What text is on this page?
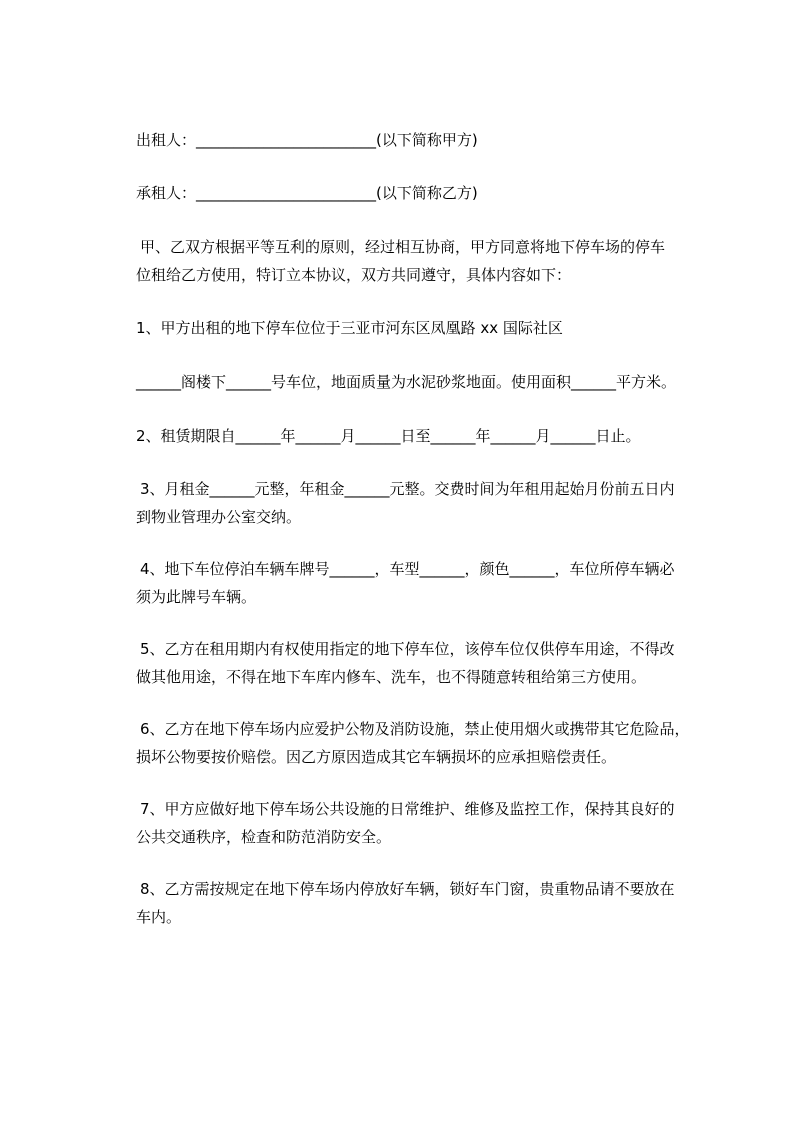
出租人：________________________(以下简称甲方)
承租人：________________________(以下简称乙方)
甲、乙双方根据平等互利的原则，经过相互协商，甲方同意将地下停车场的停车
位租给乙方使用，特订立本协议，双方共同遵守，具体内容如下：
1、甲方出租的地下停车位位于三亚市河东区凤凰路 xx 国际社区
______阁楼下______号车位，地面质量为水泥砂浆地面。使用面积______平方米。
2、租赁期限自______年______月______日至______年______月______日止。
3、月租金______元整，年租金______元整。交费时间为年租用起始月份前五日内
到物业管理办公室交纳。
4、地下车位停泊车辆车牌号______，车型______，颜色______，车位所停车辆必
须为此牌号车辆。
5、乙方在租用期内有权使用指定的地下停车位，该停车位仅供停车用途，不得改
做其他用途，不得在地下车库内修车、洗车，也不得随意转租给第三方使用。
6、乙方在地下停车场内应爱护公物及消防设施，禁止使用烟火或携带其它危险品，
损坏公物要按价赔偿。因乙方原因造成其它车辆损坏的应承担赔偿责任。
7、甲方应做好地下停车场公共设施的日常维护、维修及监控工作，保持其良好的
公共交通秩序，检查和防范消防安全。
8、乙方需按规定在地下停车场内停放好车辆，锁好车门窗，贵重物品请不要放在
车内。
